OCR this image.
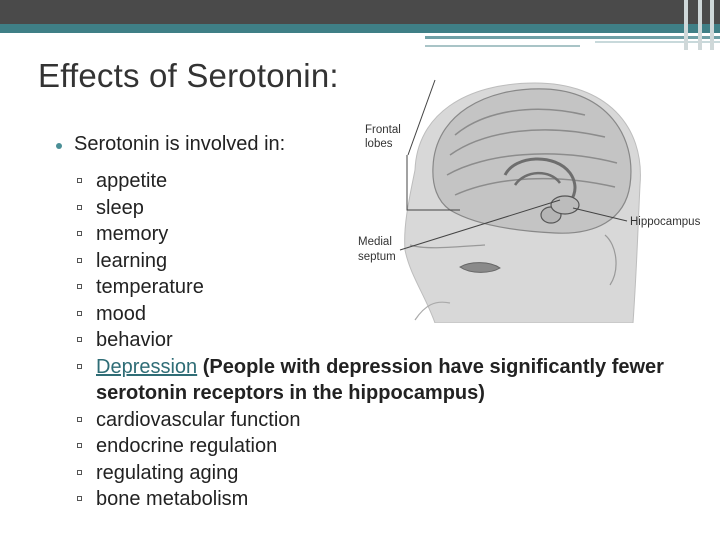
Effects of Serotonin:
Frontal
lobes
Hippocampus
Medial
septum
Serotonin is involved in:
appetite
sleep
memory
learning
temperature
mood
behavior
Depression (People with depression have significantly fewer serotonin receptors in the hippocampus)
cardiovascular function
endocrine regulation
regulating aging
bone metabolism
